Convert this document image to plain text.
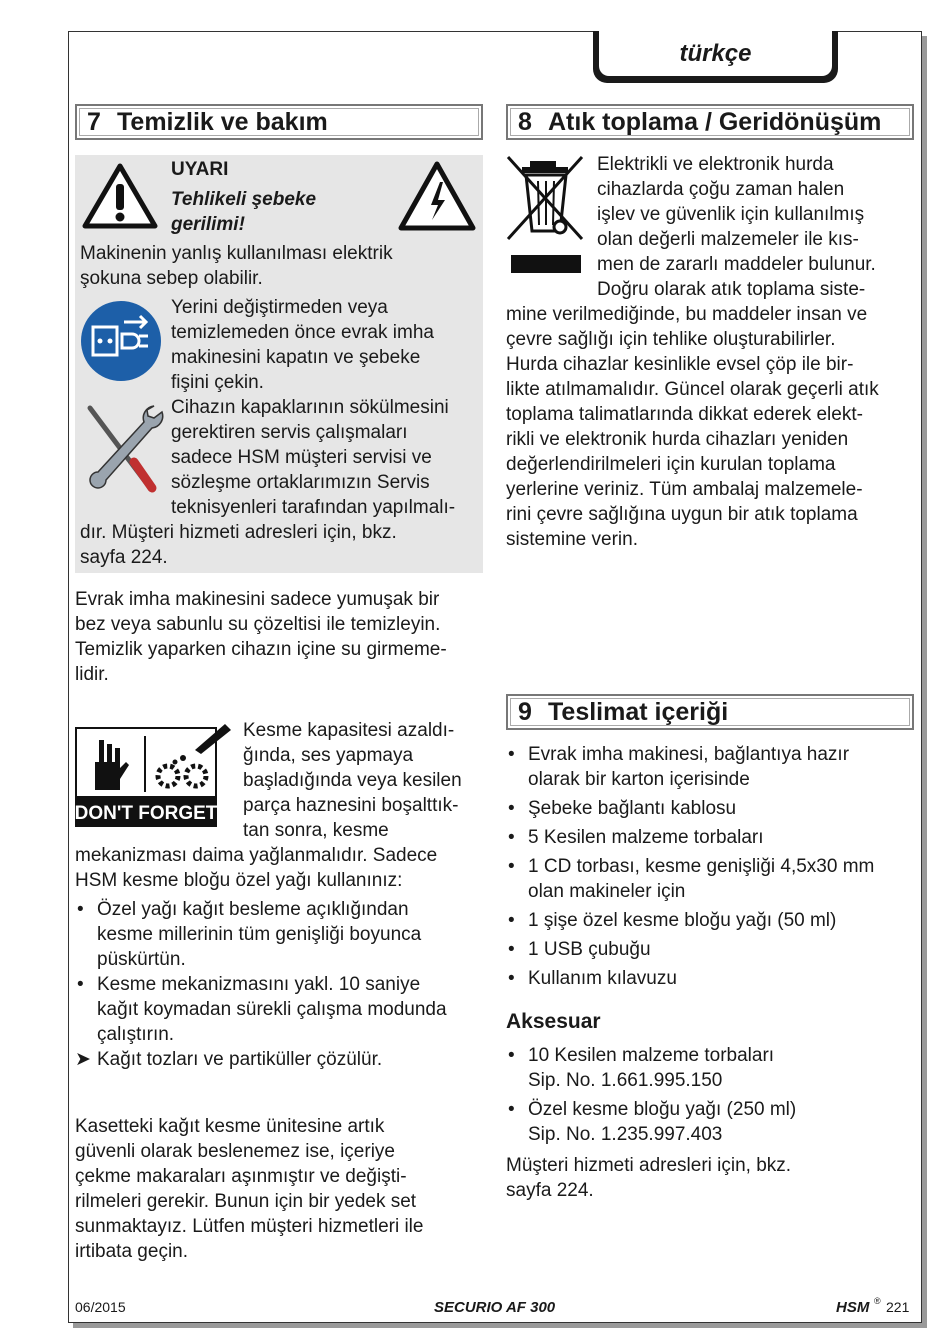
türkçe
7 Temizlik ve bakım
UYARI
Tehlikeli şebeke
gerilimi!
Makinenin yanlış kullanılması elektrik
şokuna sebep olabilir.
Yerini değiştirmeden veya
temizlemeden önce evrak imha
makinesini kapatın ve şebeke
fişini çekin.
Cihazın kapaklarının sökülmesini
gerektiren servis çalışmaları
sadece HSM müşteri servisi ve
sözleşme ortaklarımızın Servis
teknisyenleri tarafından yapılmalı-
dır. Müşteri hizmeti adresleri için, bkz.
sayfa 224.
Evrak imha makinesini sadece yumuşak bir
bez veya sabunlu su çözeltisi ile temizleyin.
Temizlik yaparken cihazın içine su girmeme-
lidir.
DON'T FORGET
Kesme kapasitesi azaldı-
ğında, ses yapmaya
başladığında veya kesilen
parça haznesini boşalttık-
tan sonra, kesme
mekanizması daima yağlanmalıdır. Sadece
HSM kesme bloğu özel yağı kullanınız:
• Özel yağı kağıt besleme açıklığından
kesme millerinin tüm genişliği boyunca
püskürtün.
• Kesme mekanizmasını yakl. 10 saniye
kağıt koymadan sürekli çalışma modunda
çalıştırın.
➤ Kağıt tozları ve partiküller çözülür.
Kasetteki kağıt kesme ünitesine artık
güvenli olarak beslenemez ise, içeriye
çekme makaraları aşınmıştır ve değişti-
rilmeleri gerekir. Bunun için bir yedek set
sunmaktayız. Lütfen müşteri hizmetleri ile
irtibata geçin.
8 Atık toplama / Geridönüşüm
Elektrikli ve elektronik hurda
cihazlarda çoğu zaman halen
işlev ve güvenlik için kullanılmış
olan değerli malzemeler ile kıs-
men de zararlı maddeler bulunur.
Doğru olarak atık toplama siste-
mine verilmediğinde, bu maddeler insan ve
çevre sağlığı için tehlike oluşturabilirler.
Hurda cihazlar kesinlikle evsel çöp ile bir-
likte atılmamalıdır. Güncel olarak geçerli atık
toplama talimatlarında dikkat ederek elekt-
rikli ve elektronik hurda cihazları yeniden
değerlendirilmeleri için kurulan toplama
yerlerine veriniz. Tüm ambalaj malzemele-
rini çevre sağlığına uygun bir atık toplama
sistemine verin.
9 Teslimat içeriği
• Evrak imha makinesi, bağlantıya hazır
olarak bir karton içerisinde
• Şebeke bağlantı kablosu
• 5 Kesilen malzeme torbaları
• 1 CD torbası, kesme genişliği 4,5x30 mm
olan makineler için
• 1 şişe özel kesme bloğu yağı (50 ml)
• 1 USB çubuğu
• Kullanım kılavuzu
Aksesuar
• 10 Kesilen malzeme torbaları
Sip. No. 1.661.995.150
• Özel kesme bloğu yağı (250 ml)
Sip. No. 1.235.997.403
Müşteri hizmeti adresleri için, bkz.
sayfa 224.
06/2015	SECURIO AF 300	HSM ® 221
